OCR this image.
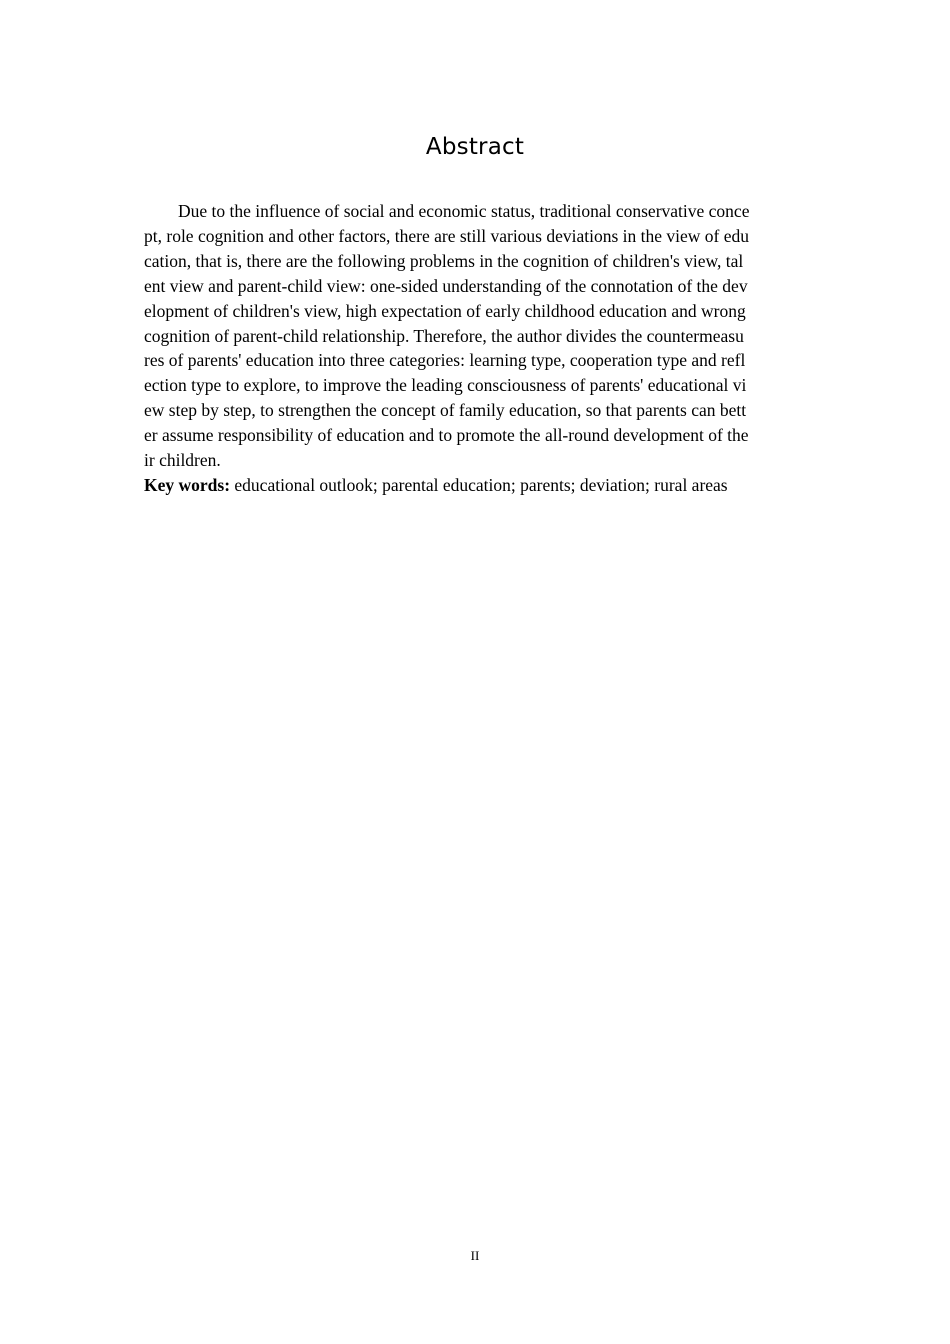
Abstract
Due to the influence of social and economic status, traditional conservative conce
pt, role cognition and other factors, there are still various deviations in the view of edu
cation, that is, there are the following problems in the cognition of children's view, tal
ent view and parent-child view: one-sided understanding of the connotation of the dev
elopment of children's view, high expectation of early childhood education and wrong
cognition of parent-child relationship. Therefore, the author divides the countermeasu
res of parents' education into three categories: learning type, cooperation type and refl
ection type to explore, to improve the leading consciousness of parents' educational vi
ew step by step, to strengthen the concept of family education, so that parents can bett
er assume responsibility of education and to promote the all-round development of the
ir children.
Key words: educational outlook; parental education; parents; deviation; rural areas
II
